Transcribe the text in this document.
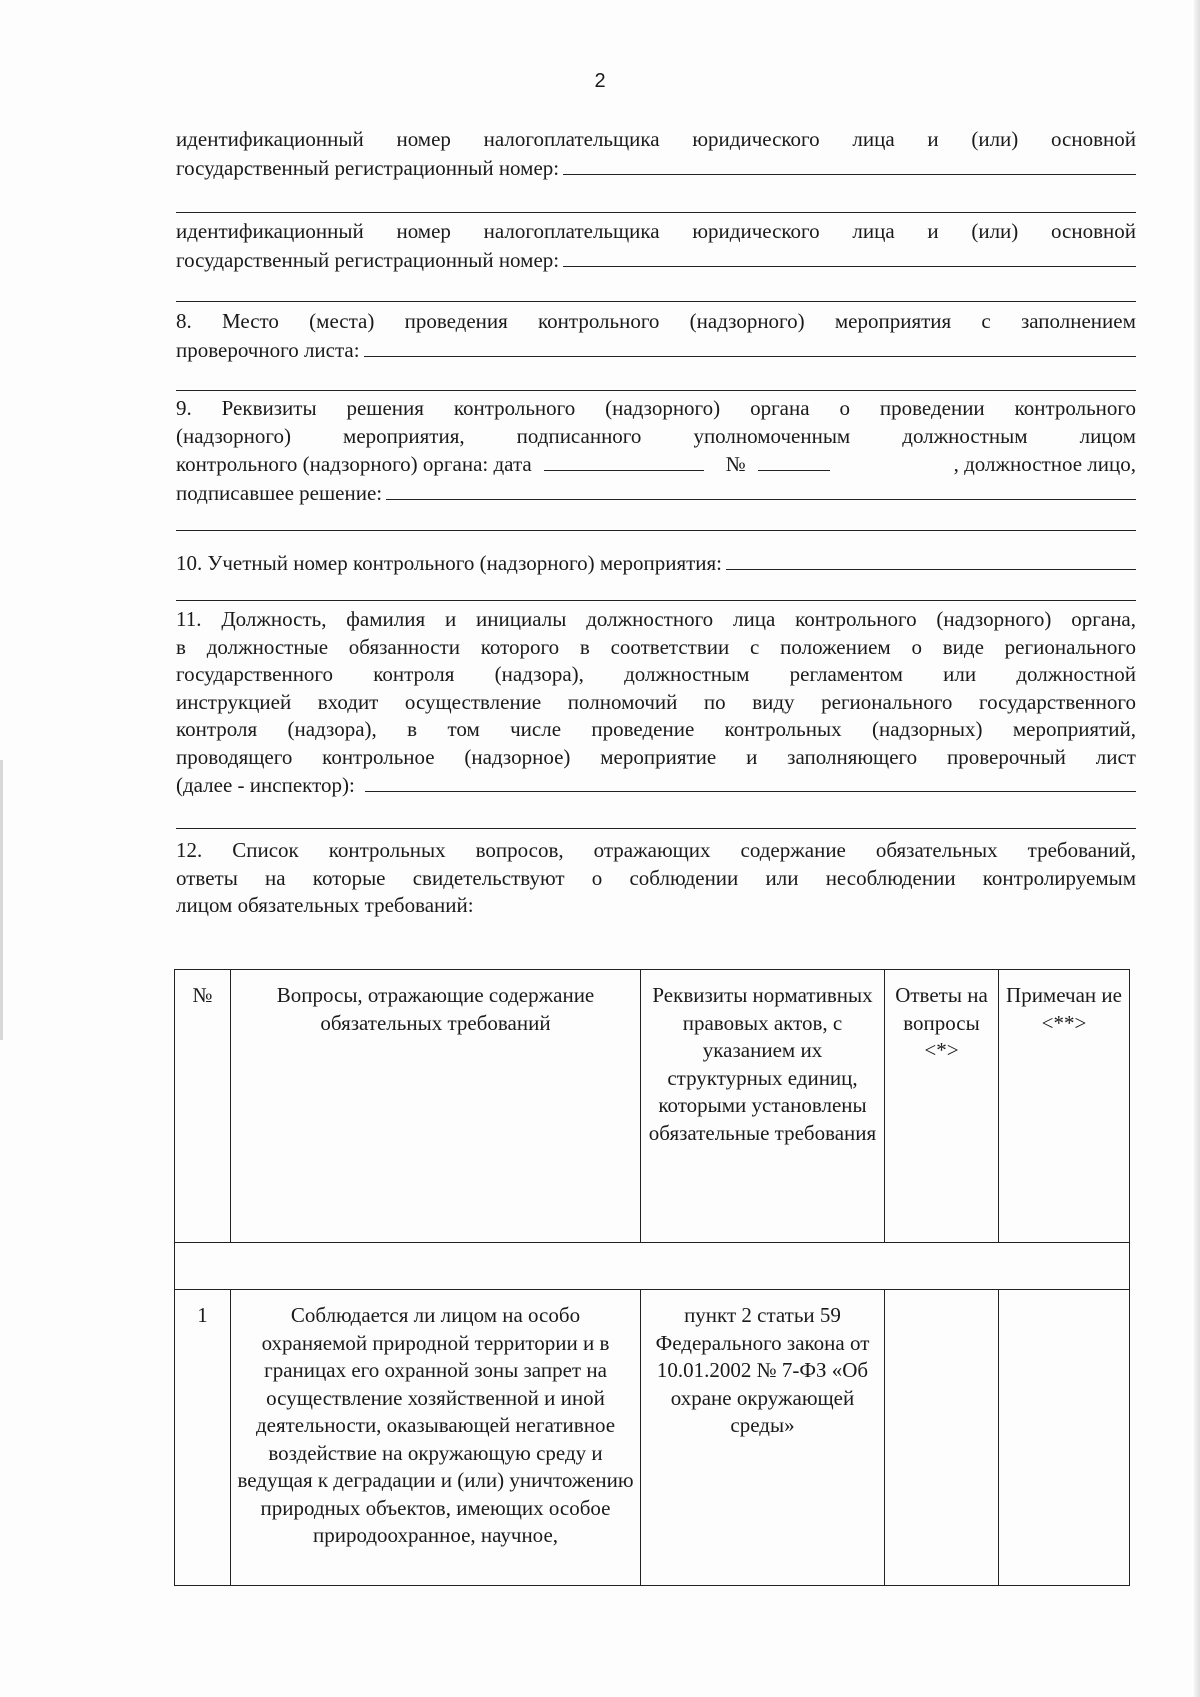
2
идентификационный номер налогоплательщика юридического лица и (или) основной
государственный регистрационный номер:
идентификационный номер налогоплательщика юридического лица и (или) основной
государственный регистрационный номер:
8. Место (места) проведения контрольного (надзорного) мероприятия с заполнением
проверочного листа:
9. Реквизиты решения контрольного (надзорного) органа о проведении контрольного
(надзорного) мероприятия, подписанного уполномоченным должностным лицом
контрольного (надзорного) органа: дата	№	, должностное лицо,
подписавшее решение:
10. Учетный номер контрольного (надзорного) мероприятия:
11. Должность, фамилия и инициалы должностного лица контрольного (надзорного) органа,
в должностные обязанности которого в соответствии с положением о виде регионального
государственного контроля (надзора), должностным регламентом или должностной
инструкцией входит осуществление полномочий по виду регионального государственного
контроля (надзора), в том числе проведение контрольных (надзорных) мероприятий,
проводящего контрольное (надзорное) мероприятие и заполняющего проверочный лист
(далее - инспектор):
12. Список контрольных вопросов, отражающих содержание обязательных требований,
ответы на которые свидетельствуют о соблюдении или несоблюдении контролируемым
лицом обязательных требований:
№	Вопросы, отражающие содержание обязательных требований	Реквизиты нормативных правовых актов, с указанием их структурных единиц, которыми установлены обязательные требования	Ответы на вопросы <*>	Примечан ие <**>

1	Соблюдается ли лицом на особо охраняемой природной территории и в границах его охранной зоны запрет на осуществление хозяйственной и иной деятельности, оказывающей негативное воздействие на окружающую среду и ведущая к деградации и (или) уничтожению природных объектов, имеющих особое природоохранное, научное,	пункт 2 статьи 59 Федерального закона от 10.01.2002 № 7-ФЗ «Об охране окружающей среды»		
